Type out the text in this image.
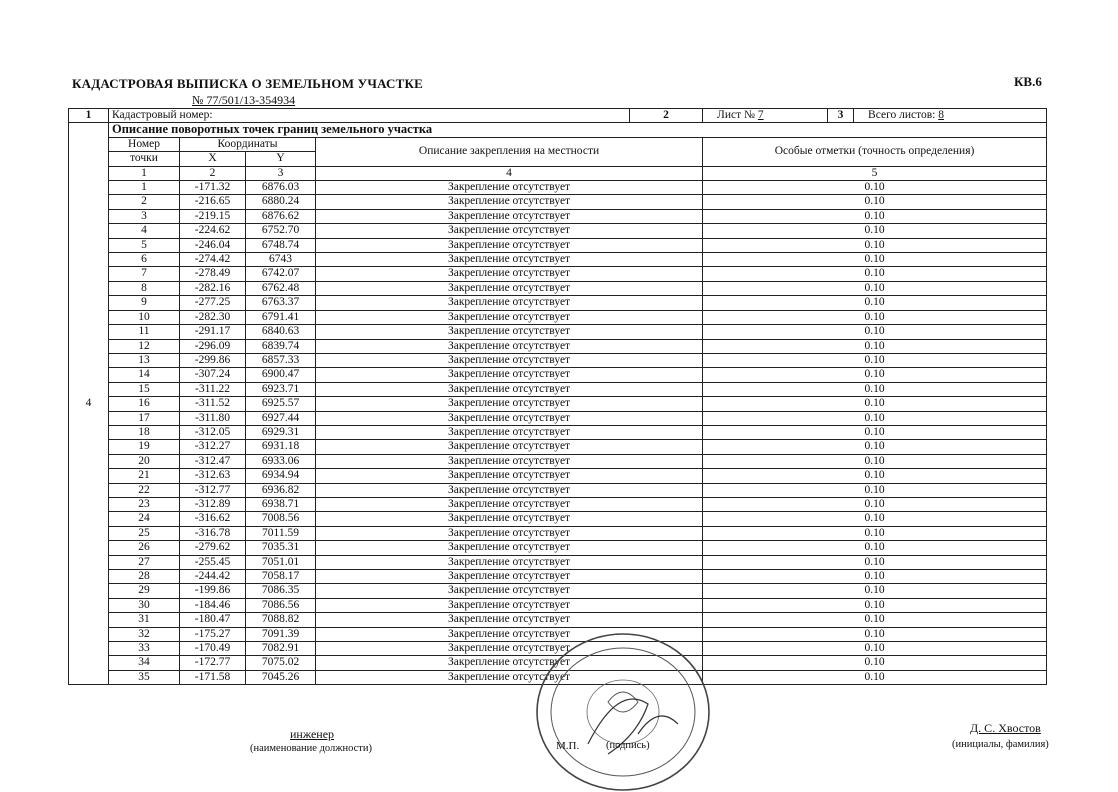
КАДАСТРОВАЯ ВЫПИСКА О ЗЕМЕЛЬНОМ УЧАСТКЕ	КВ.6
№ 77/501/13-354934
1	Кадастровый номер:				2	Лист № 7	3	Всего листов: 8
4	Описание поворотных точек границ земельного участка							
	Номер	Координаты		Описание закрепления на местности		Особые отметки (точность определения)		
	точки	X	Y					
	1	2	3	4		5		
	1	-171.32	6876.03	Закрепление отсутствует		0.10		
	2	-216.65	6880.24	Закрепление отсутствует		0.10		
	3	-219.15	6876.62	Закрепление отсутствует		0.10		
	4	-224.62	6752.70	Закрепление отсутствует		0.10		
	5	-246.04	6748.74	Закрепление отсутствует		0.10		
	6	-274.42	6743	Закрепление отсутствует		0.10		
	7	-278.49	6742.07	Закрепление отсутствует		0.10		
	8	-282.16	6762.48	Закрепление отсутствует		0.10		
	9	-277.25	6763.37	Закрепление отсутствует		0.10		
	10	-282.30	6791.41	Закрепление отсутствует		0.10		
	11	-291.17	6840.63	Закрепление отсутствует		0.10		
	12	-296.09	6839.74	Закрепление отсутствует		0.10		
	13	-299.86	6857.33	Закрепление отсутствует		0.10		
	14	-307.24	6900.47	Закрепление отсутствует		0.10		
	15	-311.22	6923.71	Закрепление отсутствует		0.10		
	16	-311.52	6925.57	Закрепление отсутствует		0.10		
	17	-311.80	6927.44	Закрепление отсутствует		0.10		
	18	-312.05	6929.31	Закрепление отсутствует		0.10		
	19	-312.27	6931.18	Закрепление отсутствует		0.10		
	20	-312.47	6933.06	Закрепление отсутствует		0.10		
	21	-312.63	6934.94	Закрепление отсутствует		0.10		
	22	-312.77	6936.82	Закрепление отсутствует		0.10		
	23	-312.89	6938.71	Закрепление отсутствует		0.10		
	24	-316.62	7008.56	Закрепление отсутствует		0.10		
	25	-316.78	7011.59	Закрепление отсутствует		0.10		
	26	-279.62	7035.31	Закрепление отсутствует		0.10		
	27	-255.45	7051.01	Закрепление отсутствует		0.10		
	28	-244.42	7058.17	Закрепление отсутствует		0.10		
	29	-199.86	7086.35	Закрепление отсутствует		0.10		
	30	-184.46	7086.56	Закрепление отсутствует		0.10		
	31	-180.47	7088.82	Закрепление отсутствует		0.10		
	32	-175.27	7091.39	Закрепление отсутствует		0.10		
	33	-170.49	7082.91	Закрепление отсутствует		0.10		
	34	-172.77	7075.02	Закрепление отсутствует		0.10		
	35	-171.58	7045.26	Закрепление отсутствует		0.10		
инженер
(наименование должности)	М.П.	(подпись)
Д. С. Хвостов
(инициалы, фамилия)
